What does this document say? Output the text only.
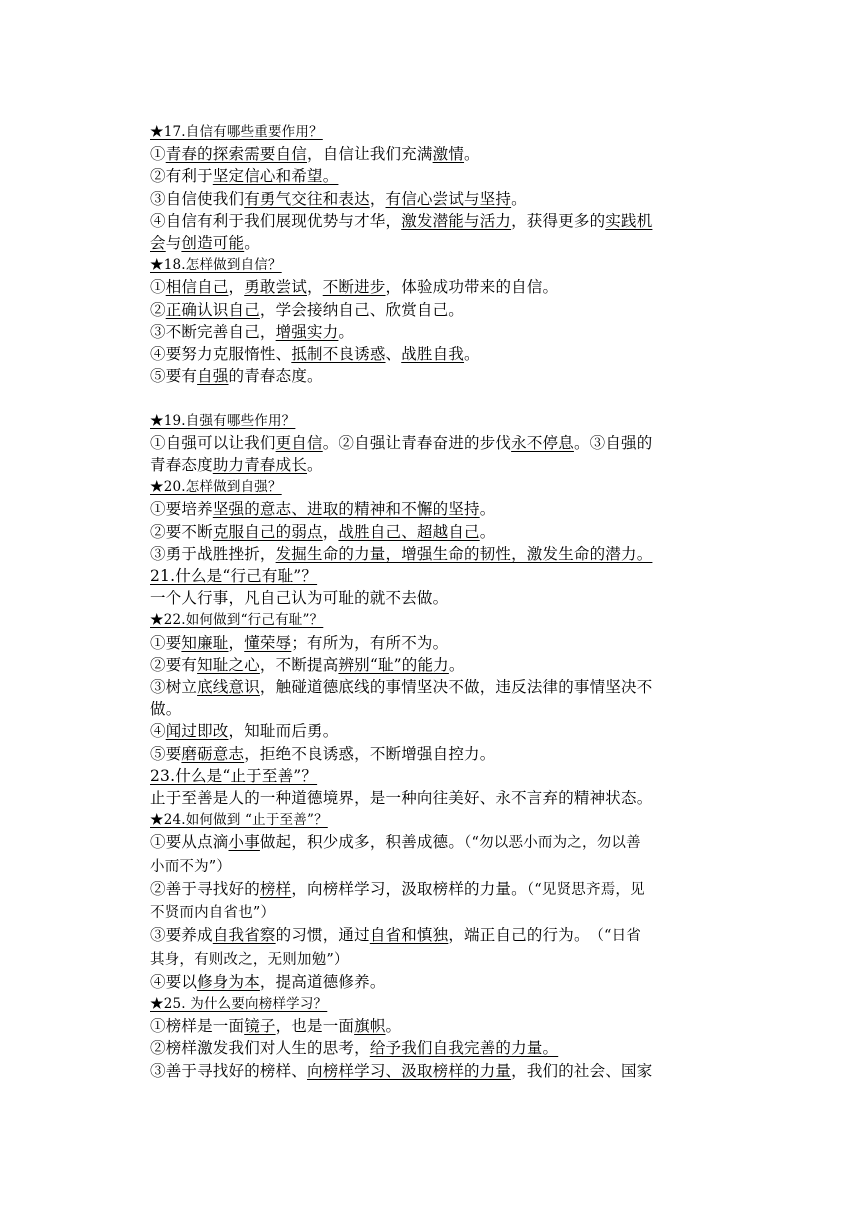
★17.自信有哪些重要作用？
①青春的探索需要自信，自信让我们充满激情。
②有利于坚定信心和希望。
③自信使我们有勇气交往和表达，有信心尝试与坚持。
④自信有利于我们展现优势与才华，激发潜能与活力，获得更多的实践机
会与创造可能。
★18.怎样做到自信？
①相信自己，勇敢尝试，不断进步，体验成功带来的自信。
②正确认识自己，学会接纳自己、欣赏自己。
③不断完善自己，增强实力。
④要努力克服惰性、抵制不良诱惑、战胜自我。
⑤要有自强的青春态度。
★19.自强有哪些作用？
①自强可以让我们更自信。②自强让青春奋进的步伐永不停息。③自强的
青春态度助力青春成长。
★20.怎样做到自强？
①要培养坚强的意志、进取的精神和不懈的坚持。
②要不断克服自己的弱点，战胜自己、超越自己。
③勇于战胜挫折，发掘生命的力量，增强生命的韧性，激发生命的潜力。
21.什么是“行己有耻”？
一个人行事，凡自己认为可耻的就不去做。
★22.如何做到“行己有耻”？
①要知廉耻，懂荣辱；有所为，有所不为。
②要有知耻之心，不断提高辨别“耻”的能力。
③树立底线意识，触碰道德底线的事情坚决不做，违反法律的事情坚决不
做。
④闻过即改，知耻而后勇。
⑤要磨砺意志，拒绝不良诱惑，不断增强自控力。
23.什么是“止于至善”？
止于至善是人的一种道德境界，是一种向往美好、永不言弃的精神状态。
★24.如何做到 “止于至善”？
①要从点滴小事做起，积少成多，积善成德。（“勿以恶小而为之，勿以善
小而不为”）
②善于寻找好的榜样，向榜样学习，汲取榜样的力量。（“见贤思齐焉，见
不贤而内自省也”）
③要养成自我省察的习惯，通过自省和慎独，端正自己的行为。　（“日省
其身，有则改之，无则加勉”）
④要以修身为本，提高道德修养。
★25. 为什么要向榜样学习？
①榜样是一面镜子，也是一面旗帜。
②榜样激发我们对人生的思考，给予我们自我完善的力量。
③善于寻找好的榜样、向榜样学习、汲取榜样的力量，我们的社会、国家
